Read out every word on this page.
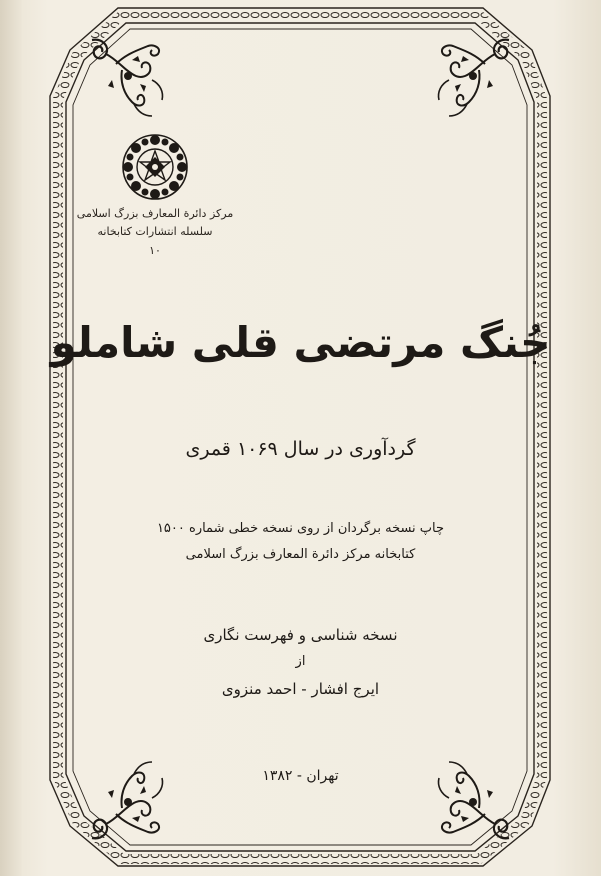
مرکز دائرة المعارف بزرگ اسلامی
سلسله انتشارات کتابخانه
۱۰
جُنگ مرتضی قلی شاملو
گردآوری در سال ۱۰۶۹ قمری
چاپ نسخه برگردان از روی نسخه خطی شماره ۱۵۰۰
کتابخانه مرکز دائرة المعارف بزرگ اسلامی
نسخه شناسی و فهرست نگاری
از
ایرج افشار - احمد منزوی
تهران - ۱۳۸۲
